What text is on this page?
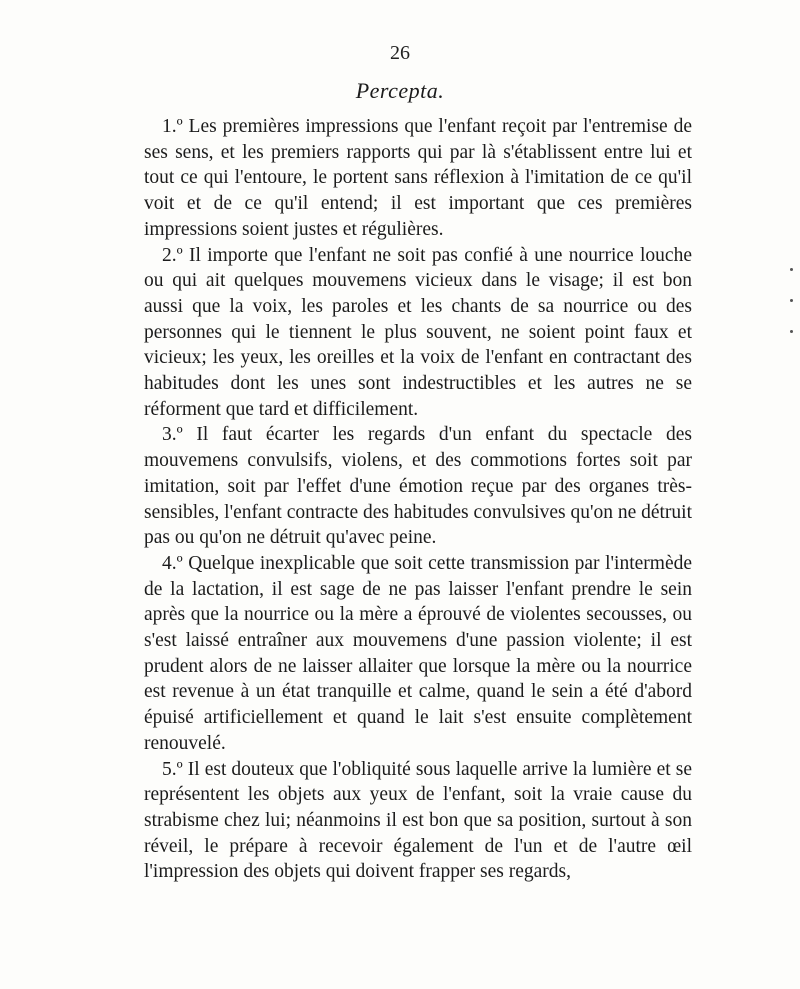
26
Percepta.

1.º Les premières impressions que l'enfant reçoit par l'entremise de ses sens, et les premiers rapports qui par là s'établissent entre lui et tout ce qui l'entoure, le portent sans réflexion à l'imitation de ce qu'il voit et de ce qu'il entend; il est important que ces premières impressions soient justes et régulières.

2.º Il importe que l'enfant ne soit pas confié à une nourrice louche ou qui ait quelques mouvemens vicieux dans le visage; il est bon aussi que la voix, les paroles et les chants de sa nourrice ou des personnes qui le tiennent le plus souvent, ne soient point faux et vicieux; les yeux, les oreilles et la voix de l'enfant en contractant des habitudes dont les unes sont indestructibles et les autres ne se réforment que tard et difficilement.

3.º Il faut écarter les regards d'un enfant du spectacle des mouvemens convulsifs, violens, et des commotions fortes soit par imitation, soit par l'effet d'une émotion reçue par des organes très-sensibles, l'enfant contracte des habitudes convulsives qu'on ne détruit pas ou qu'on ne détruit qu'avec peine.

4.º Quelque inexplicable que soit cette transmission par l'intermède de la lactation, il est sage de ne pas laisser l'enfant prendre le sein après que la nourrice ou la mère a éprouvé de violentes secousses, ou s'est laissé entraîner aux mouvemens d'une passion violente; il est prudent alors de ne laisser allaiter que lorsque la mère ou la nourrice est revenue à un état tranquille et calme, quand le sein a été d'abord épuisé artificiellement et quand le lait s'est ensuite complètement renouvelé.

5.º Il est douteux que l'obliquité sous laquelle arrive la lumière et se représentent les objets aux yeux de l'enfant, soit la vraie cause du strabisme chez lui; néanmoins il est bon que sa position, surtout à son réveil, le prépare à recevoir également de l'un et de l'autre œil l'impression des objets qui doivent frapper ses regards,
